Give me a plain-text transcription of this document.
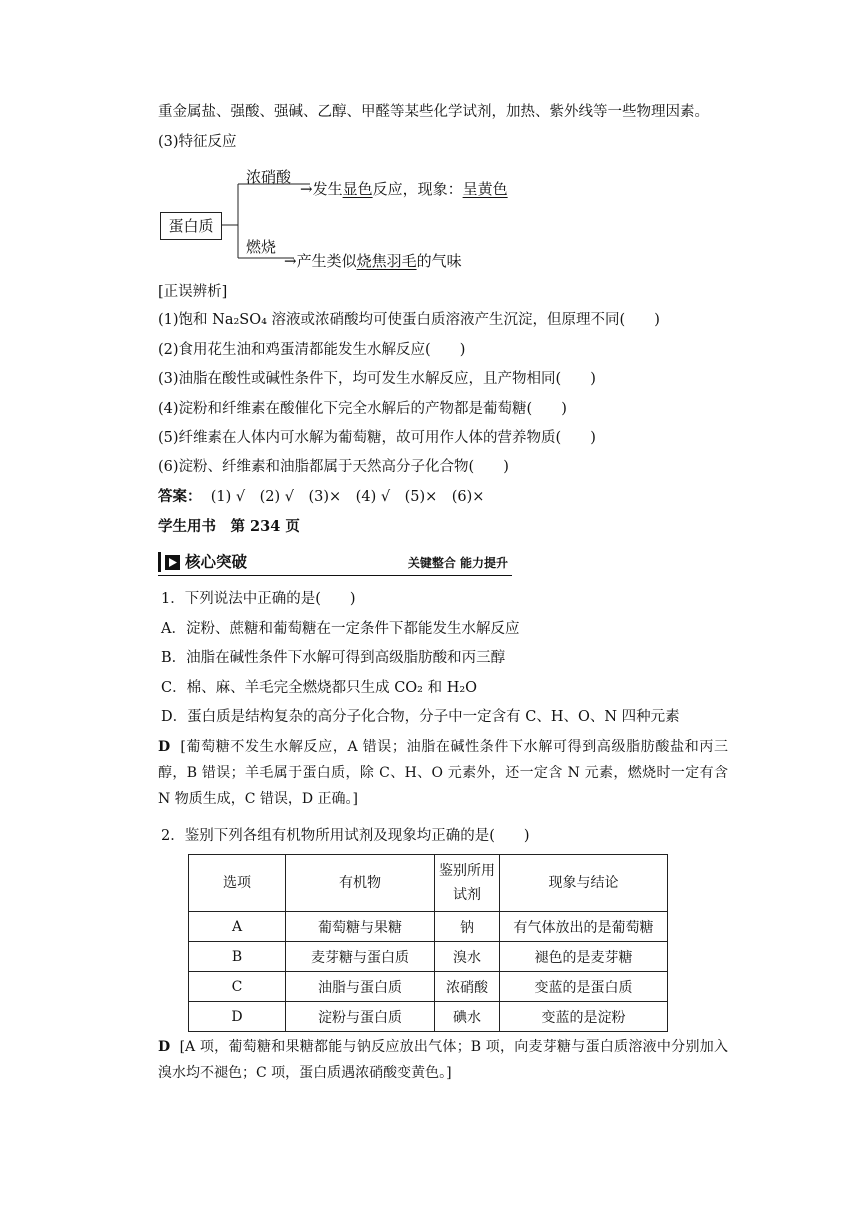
重金属盐、强酸、强碱、乙醇、甲醛等某些化学试剂，加热、紫外线等一些物理因素。
(3)特征反应
蛋白质
浓硝酸
→发生显色反应，现象：呈黄色
燃烧
→产生类似烧焦羽毛的气味
[正误辨析]
(1)饱和 Na₂SO₄ 溶液或浓硝酸均可使蛋白质溶液产生沉淀，但原理不同(　　)
(2)食用花生油和鸡蛋清都能发生水解反应(　　)
(3)油脂在酸性或碱性条件下，均可发生水解反应，且产物相同(　　)
(4)淀粉和纤维素在酸催化下完全水解后的产物都是葡萄糖(　　)
(5)纤维素在人体内可水解为葡萄糖，故可用作人体的营养物质(　　)
(6)淀粉、纤维素和油脂都属于天然高分子化合物(　　)
答案： (1) √　(2) √　(3)×　(4) √　(5)×　(6)×
学生用书　第 234 页
核心突破	关键整合 能力提升
1．下列说法中正确的是(　　)
A．淀粉、蔗糖和葡萄糖在一定条件下都能发生水解反应
B．油脂在碱性条件下水解可得到高级脂肪酸和丙三醇
C．棉、麻、羊毛完全燃烧都只生成 CO₂ 和 H₂O
D．蛋白质是结构复杂的高分子化合物，分子中一定含有 C、H、O、N 四种元素
D [葡萄糖不发生水解反应，A 错误；油脂在碱性条件下水解可得到高级脂肪酸盐和丙三醇，B 错误；羊毛属于蛋白质，除 C、H、O 元素外，还一定含 N 元素，燃烧时一定有含 N 物质生成，C 错误，D 正确。]
2．鉴别下列各组有机物所用试剂及现象均正确的是(　　)
选项	有机物	鉴别所用试剂	现象与结论
A	葡萄糖与果糖	钠	有气体放出的是葡萄糖
B	麦芽糖与蛋白质	溴水	褪色的是麦芽糖
C	油脂与蛋白质	浓硝酸	变蓝的是蛋白质
D	淀粉与蛋白质	碘水	变蓝的是淀粉
D [A 项，葡萄糖和果糖都能与钠反应放出气体；B 项，向麦芽糖与蛋白质溶液中分别加入溴水均不褪色；C 项，蛋白质遇浓硝酸变黄色。]
